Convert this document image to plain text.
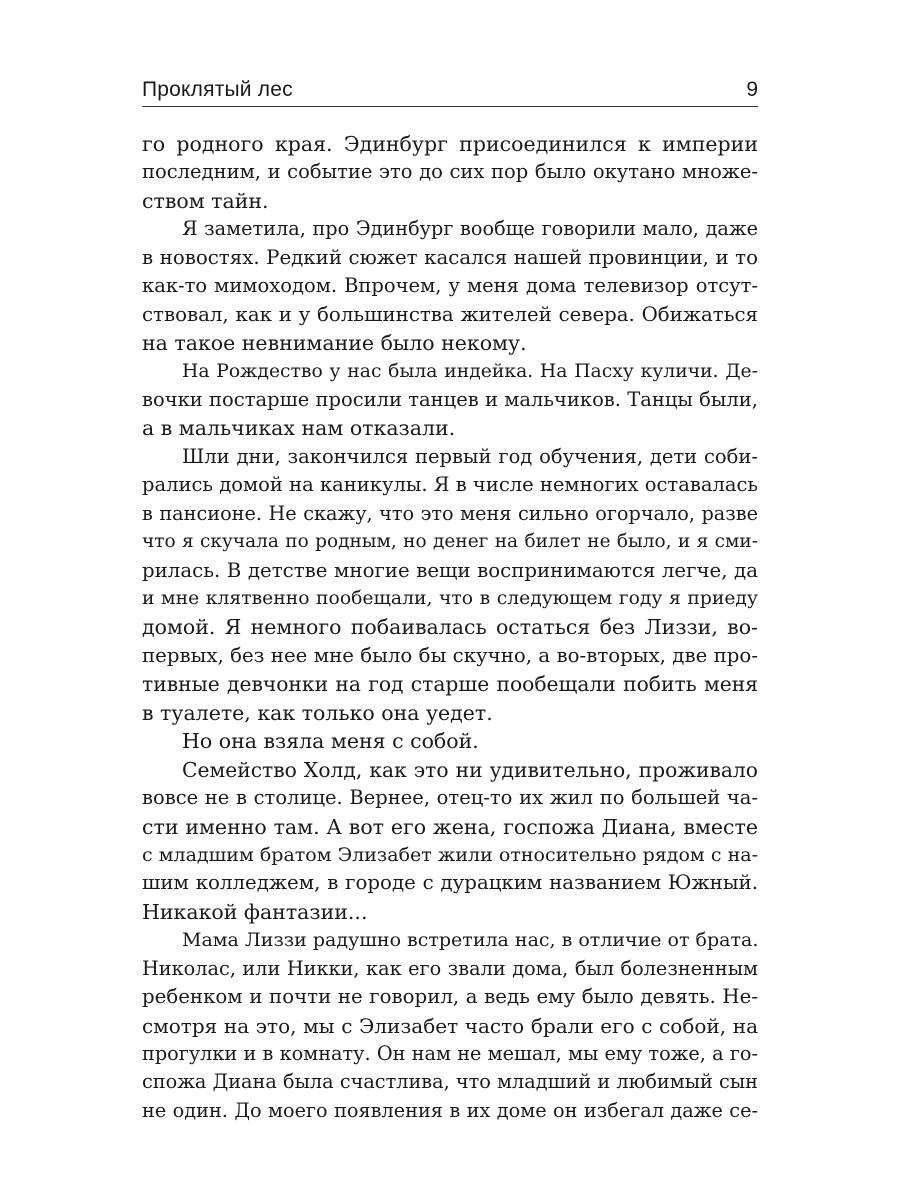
Проклятый лес	9
го родного края. Эдинбург присоединился к империи
последним, и событие это до сих пор было окутано множе-
ством тайн.
Я заметила, про Эдинбург вообще говорили мало, даже
в новостях. Редкий сюжет касался нашей провинции, и то
как-то мимоходом. Впрочем, у меня дома телевизор отсут-
ствовал, как и у большинства жителей севера. Обижаться
на такое невнимание было некому.
На Рождество у нас была индейка. На Пасху куличи. Де-
вочки постарше просили танцев и мальчиков. Танцы были,
а в мальчиках нам отказали.
Шли дни, закончился первый год обучения, дети соби-
рались домой на каникулы. Я в числе немногих оставалась
в пансионе. Не скажу, что это меня сильно огорчало, разве
что я скучала по родным, но денег на билет не было, и я сми-
рилась. В детстве многие вещи воспринимаются легче, да
и мне клятвенно пообещали, что в следующем году я приеду
домой. Я немного побаивалась остаться без Лиззи, во-
первых, без нее мне было бы скучно, а во-вторых, две про-
тивные девчонки на год старше пообещали побить меня
в туалете, как только она уедет.
Но она взяла меня с собой.
Семейство Холд, как это ни удивительно, проживало
вовсе не в столице. Вернее, отец-то их жил по большей ча-
сти именно там. А вот его жена, госпожа Диана, вместе
с младшим братом Элизабет жили относительно рядом с на-
шим колледжем, в городе с дурацким названием Южный.
Никакой фантазии...
Мама Лиззи радушно встретила нас, в отличие от брата.
Николас, или Никки, как его звали дома, был болезненным
ребенком и почти не говорил, а ведь ему было девять. Не-
смотря на это, мы с Элизабет часто брали его с собой, на
прогулки и в комнату. Он нам не мешал, мы ему тоже, а го-
спожа Диана была счастлива, что младший и любимый сын
не один. До моего появления в их доме он избегал даже се-
